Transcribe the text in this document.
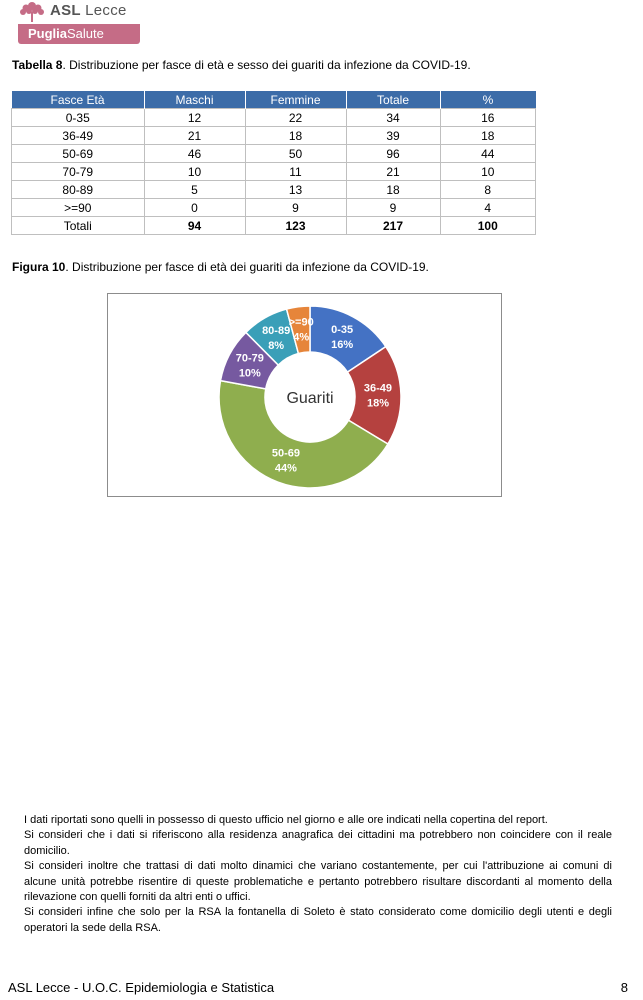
ASL Lecce
PugliaSalute
Tabella 8. Distribuzione per fasce di età e sesso dei guariti da infezione da COVID-19.
Fasce Età	Maschi	Femmine	Totale	%
0-35	12	22	34	16
36-49	21	18	39	18
50-69	46	50	96	44
70-79	10	11	21	10
80-89	5	13	18	8
>=90	0	9	9	4
Totali	94	123	217	100
Figura 10. Distribuzione per fasce di età dei guariti da infezione da COVID-19.
0-35
16%
36-49
18%
50-69
44%
70-79
10%
80-89
8%
>=90
4%
Guariti

I dati riportati sono quelli in possesso di questo ufficio nel giorno e alle ore indicati nella copertina del report.

Si consideri che i dati si riferiscono alla residenza anagrafica dei cittadini ma potrebbero non coincidere con il reale domicilio.

Si consideri inoltre che trattasi di dati molto dinamici che variano costantemente, per cui l'attribuzione ai comuni di alcune unità potrebbe risentire di queste problematiche e pertanto potrebbero risultare discordanti al momento della rilevazione con quelli forniti da altri enti o uffici.

Si consideri infine che solo per la RSA la fontanella di Soleto è stato considerato come domicilio degli utenti e degli operatori la sede della RSA.

ASL Lecce - U.O.C. Epidemiologia e Statistica	8
